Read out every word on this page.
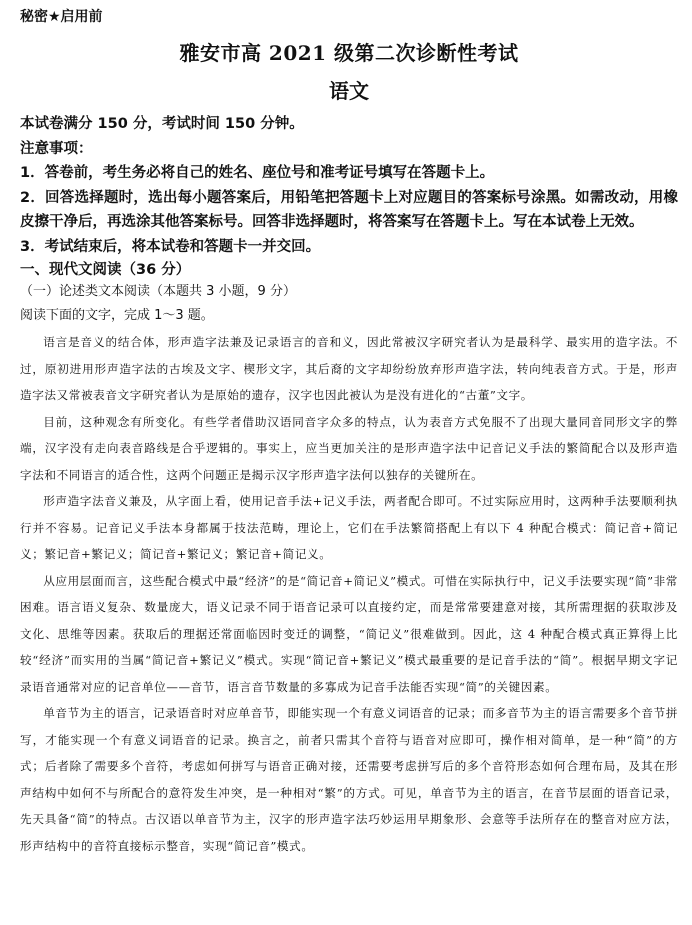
秘密★启用前

雅安市高 2021 级第二次诊断性考试

语文

本试卷满分 150 分，考试时间 150 分钟。

注意事项：

1．答卷前，考生务必将自己的姓名、座位号和准考证号填写在答题卡上。

2．回答选择题时，选出每小题答案后，用铅笔把答题卡上对应题目的答案标号涂黑。如需改动，用橡皮擦干净后，再选涂其他答案标号。回答非选择题时，将答案写在答题卡上。写在本试卷上无效。

3．考试结束后，将本试卷和答题卡一并交回。

一、现代文阅读（36 分）

（一）论述类文本阅读（本题共 3 小题，9 分）

阅读下面的文字，完成 1～3 题。

语言是音义的结合体，形声造字法兼及记录语言的音和义，因此常被汉字研究者认为是最科学、最实用的造字法。不过，原初进用形声造字法的古埃及文字、楔形文字，其后裔的文字却纷纷放弃形声造字法，转向纯表音方式。于是，形声造字法又常被表音文字研究者认为是原始的遗存，汉字也因此被认为是没有进化的“古董”文字。

目前，这种观念有所变化。有些学者借助汉语同音字众多的特点，认为表音方式免服不了出现大量同音同形文字的弊端，汉字没有走向表音路线是合乎逻辑的。事实上，应当更加关注的是形声造字法中记音记义手法的繁简配合以及形声造字法和不同语言的适合性，这两个问题正是揭示汉字形声造字法何以独存的关键所在。

形声造字法音义兼及，从字面上看，使用记音手法+记义手法，两者配合即可。不过实际应用时，这两种手法要顺利执行并不容易。记音记义手法本身都属于技法范畴，理论上，它们在手法繁简搭配上有以下 4 种配合模式：简记音+简记义；繁记音+繁记义；简记音+繁记义；繁记音+简记义。

从应用层面而言，这些配合模式中最“经济”的是“简记音+简记义”模式。可惜在实际执行中，记义手法要实现“简”非常困难。语言语义复杂、数量庞大，语义记录不同于语音记录可以直接约定，而是常常要建意对接，其所需理据的获取涉及文化、思维等因素。获取后的理据还常面临因时变迁的调整，“简记义”很难做到。因此，这 4 种配合模式真正算得上比较“经济”而实用的当属“简记音+繁记义”模式。实现“简记音+繁记义”模式最重要的是记音手法的“简”。根据早期文字记录语音通常对应的记音单位——音节，语言音节数量的多寡成为记音手法能否实现“简”的关键因素。

单音节为主的语言，记录语音时对应单音节，即能实现一个有意义词语音的记录；而多音节为主的语言需要多个音节拼写，才能实现一个有意义词语音的记录。换言之，前者只需其个音符与语音对应即可，操作相对简单，是一种“简”的方式；后者除了需要多个音符，考虑如何拼写与语音正确对接，还需要考虑拼写后的多个音符形态如何合理布局，及其在形声结构中如何不与所配合的意符发生冲突，是一种相对“繁”的方式。可见，单音节为主的语言，在音节层面的语音记录，先天具备“简”的特点。古汉语以单音节为主，汉字的形声造字法巧妙运用早期象形、会意等手法所存在的整音对应方法，形声结构中的音符直接标示整音，实现“简记音”模式。
